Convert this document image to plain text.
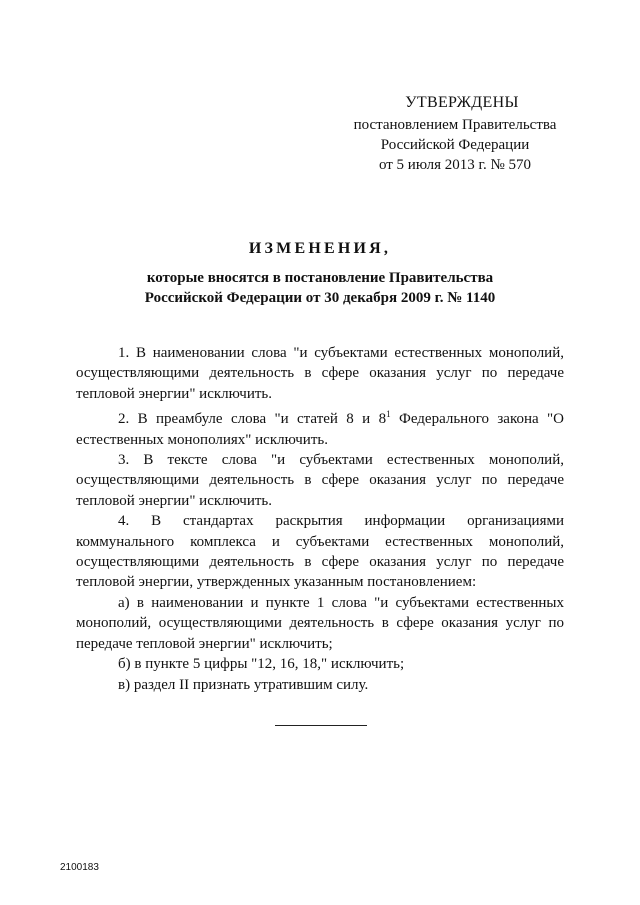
УТВЕРЖДЕНЫ
постановлением Правительства
Российской Федерации
от 5 июля 2013 г. № 570
ИЗМЕНЕНИЯ,
которые вносятся в постановление Правительства
Российской Федерации от 30 декабря 2009 г. № 1140

1. В наименовании слова "и субъектами естественных монополий, осуществляющими деятельность в сфере оказания услуг по передаче тепловой энергии" исключить.

2. В преамбуле слова "и статей 8 и $8^1$ Федерального закона "О естественных монополиях" исключить.

3. В тексте слова "и субъектами естественных монополий, осуществляющими деятельность в сфере оказания услуг по передаче тепловой энергии" исключить.

4. В стандартах раскрытия информации организациями коммунального комплекса и субъектами естественных монополий, осуществляющими деятельность в сфере оказания услуг по передаче тепловой энергии, утвержденных указанным постановлением:

а) в наименовании и пункте 1 слова "и субъектами естественных монополий, осуществляющими деятельность в сфере оказания услуг по передаче тепловой энергии" исключить;

б) в пункте 5 цифры "12, 16, 18," исключить;

в) раздел II признать утратившим силу.

2100183
